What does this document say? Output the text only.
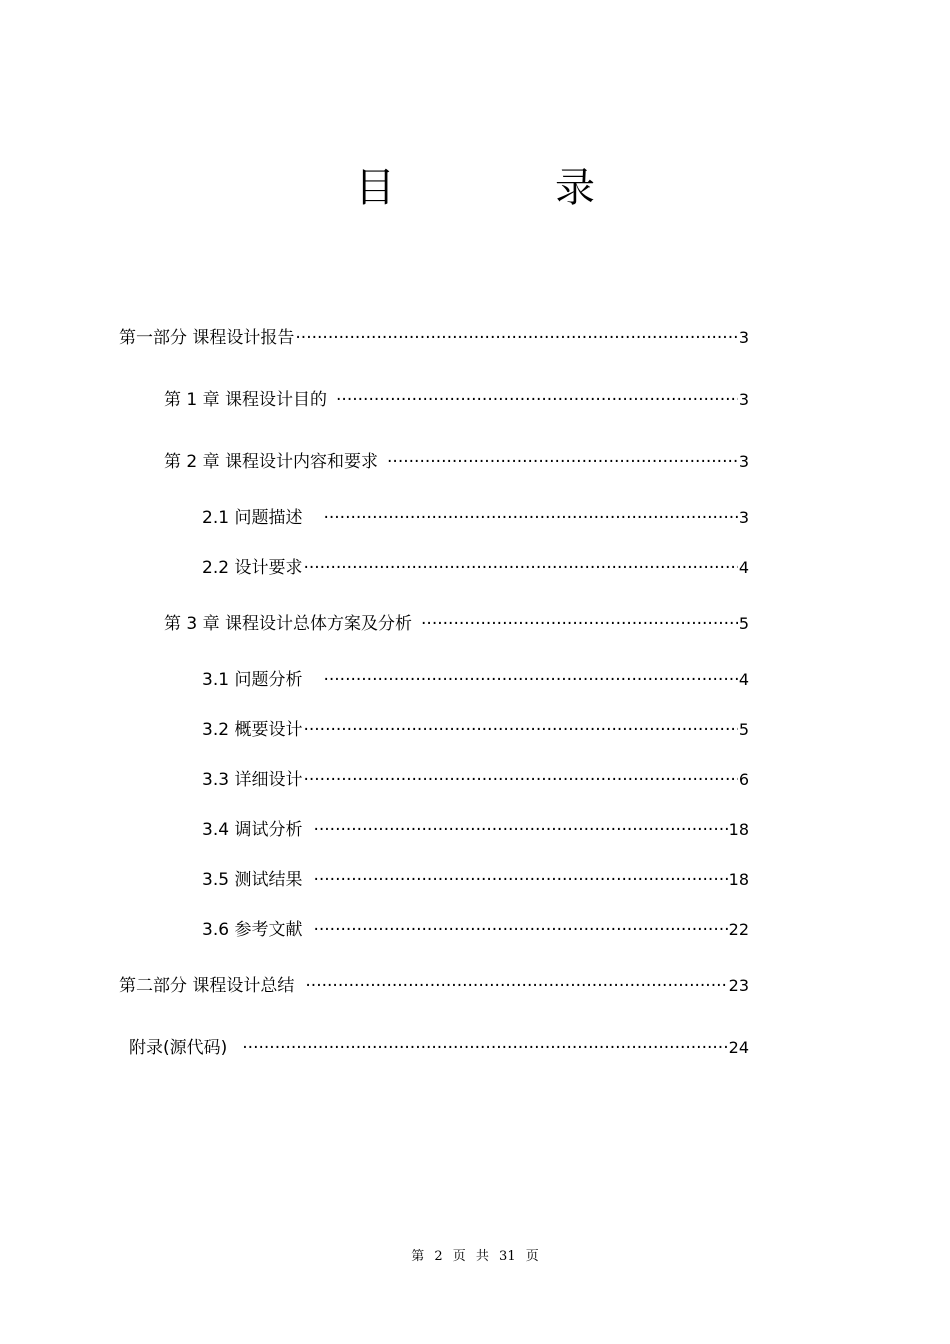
目	录
第一部分 课程设计报告 ·····	3
第 1 章 课程设计目的 ·····	3
第 2 章 课程设计内容和要求 ·····	3
2.1 问题描述 ·····	3
2.2 设计要求 ·····	4
第 3 章 课程设计总体方案及分析 ·····	5
3.1 问题分析 ·····	4
3.2 概要设计 ·····	5
3.3 详细设计 ·····	6
3.4 调试分析 ·····	18
3.5 测试结果 ·····	18
3.6 参考文献 ·····	22
第二部分 课程设计总结 ·····	23
附录(源代码) ·····	24
第 2 页 共 31 页
